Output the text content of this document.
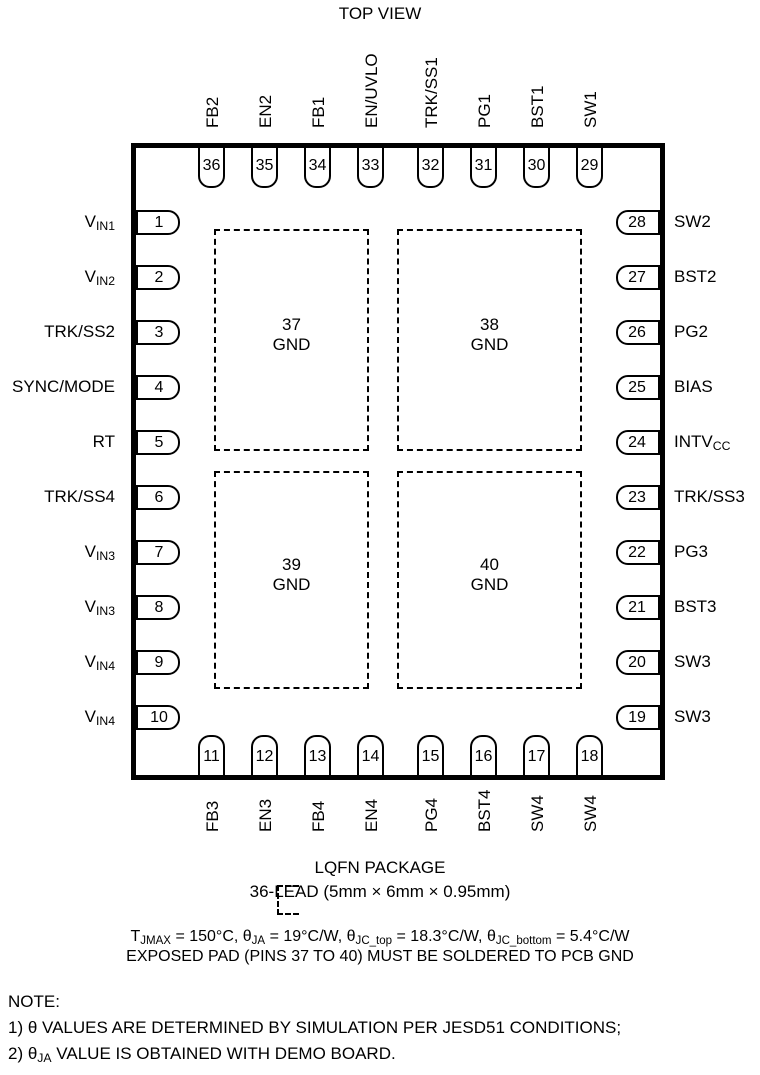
TOP VIEW
37
GND
38
GND
39
GND
40
GND
1
$V_{IN1}$
2
$V_{IN2}$
3
TRK/SS2
4
SYNC/MODE
5
RT
6
TRK/SS4
7
$V_{IN3}$
8
$V_{IN3}$
9
$V_{IN4}$
10
$V_{IN4}$
28	SW2
27	BST2
26	PG2
25	BIAS
24	$INTV_{CC}$
23	TRK/SS3
22	PG3
21	BST3
20	SW3
19	SW3
36
FB2
35
EN2
34
FB1
33
EN/UVLO
32
TRK/SS1
31
PG1
30
BST1
29
SW1
11
FB3
12
EN3
13
FB4
14
EN4
15
PG4
16
BST4
17
SW4
18
SW4
LQFN PACKAGE
36-LEAD (5mm × 6mm × 0.95mm)
$T_{JMAX} = 150^\circ C$, $\theta_{JA} = 19^\circ C/W$, $\theta_{JC\_top} = 18.3^\circ C/W$, $\theta_{JC\_bottom} = 5.4^\circ C/W$
EXPOSED PAD (PINS 37 TO 40) MUST BE SOLDERED TO PCB GND
NOTE:
1) θ VALUES ARE DETERMINED BY SIMULATION PER JESD51 CONDITIONS;
2) $\theta_{JA}$ VALUE IS OBTAINED WITH DEMO BOARD.
